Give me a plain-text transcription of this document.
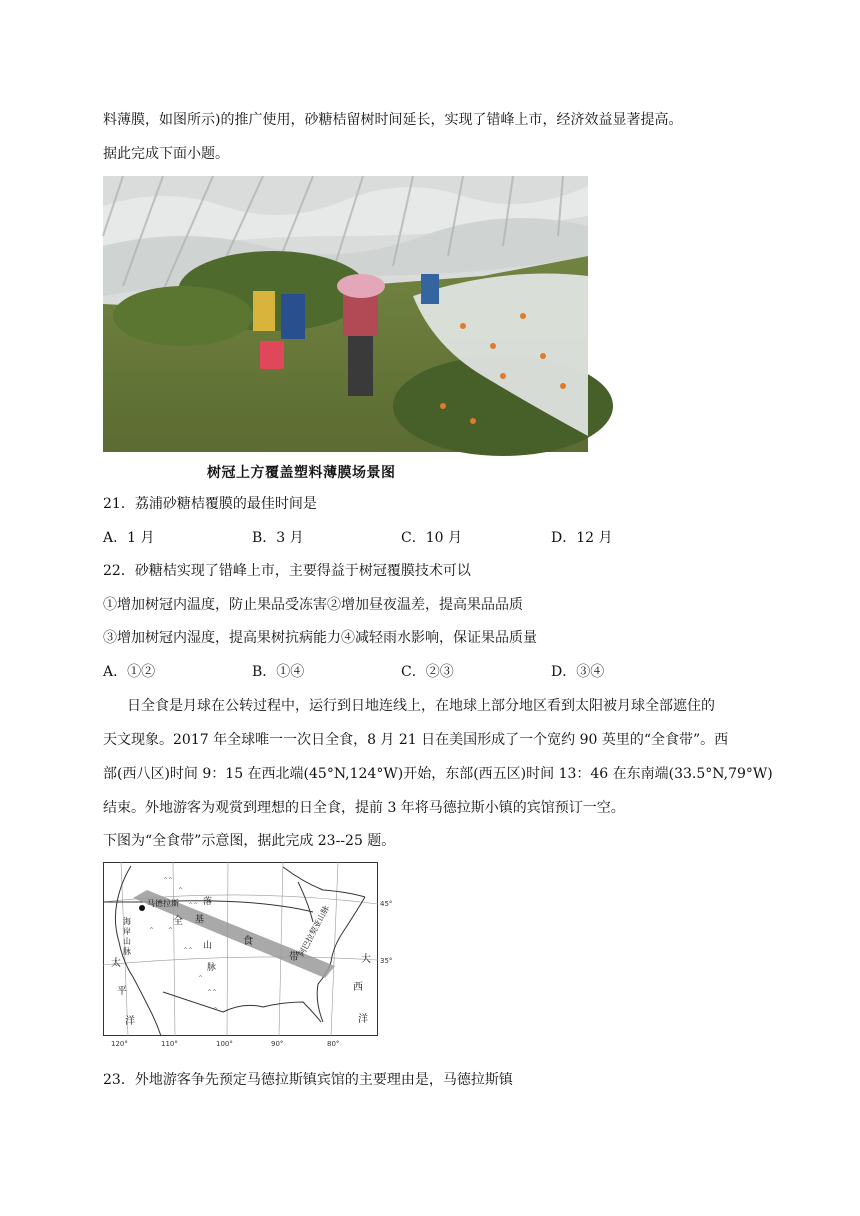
料薄膜，如图所示)的推广使用，砂糖桔留树时间延长，实现了错峰上市，经济效益显著提高。
据此完成下面小题。
树冠上方覆盖塑料薄膜场景图
21．荔浦砂糖桔覆膜的最佳时间是
A．1 月	B．3 月	C．10 月	D．12 月
22．砂糖桔实现了错峰上市，主要得益于树冠覆膜技术可以
①增加树冠内温度，防止果品受冻害②增加昼夜温差，提高果品品质
③增加树冠内湿度，提高果树抗病能力④减轻雨水影响，保证果品质量
A．①②	B．①④	C．②③	D．③④
日全食是月球在公转过程中，运行到日地连线上，在地球上部分地区看到太阳被月球全部遮住的
天文现象。2017 年全球唯一一次日全食，8 月 21 日在美国形成了一个宽约 90 英里的“全食带”。西
部(西八区)时间 9：15 在西北端(45°N,124°W)开始，东部(西五区)时间 13：46 在东南端(33.5°N,79°W)
结束。外地游客为观赏到理想的日全食，提前 3 年将马德拉斯小镇的宾馆预订一空。
下图为“全食带”示意图，据此完成 23--25 题。
马德拉斯
全
食
带
落
基
山
脉
阿巴拉契亚山脉
海
岸
山
脉
太
平
洋
大
西
洋
^^
^
^^
^
^^
^
^^
^
^
45°
35°
120°	110°	100°	90°	80°
23．外地游客争先预定马德拉斯镇宾馆的主要理由是，马德拉斯镇
